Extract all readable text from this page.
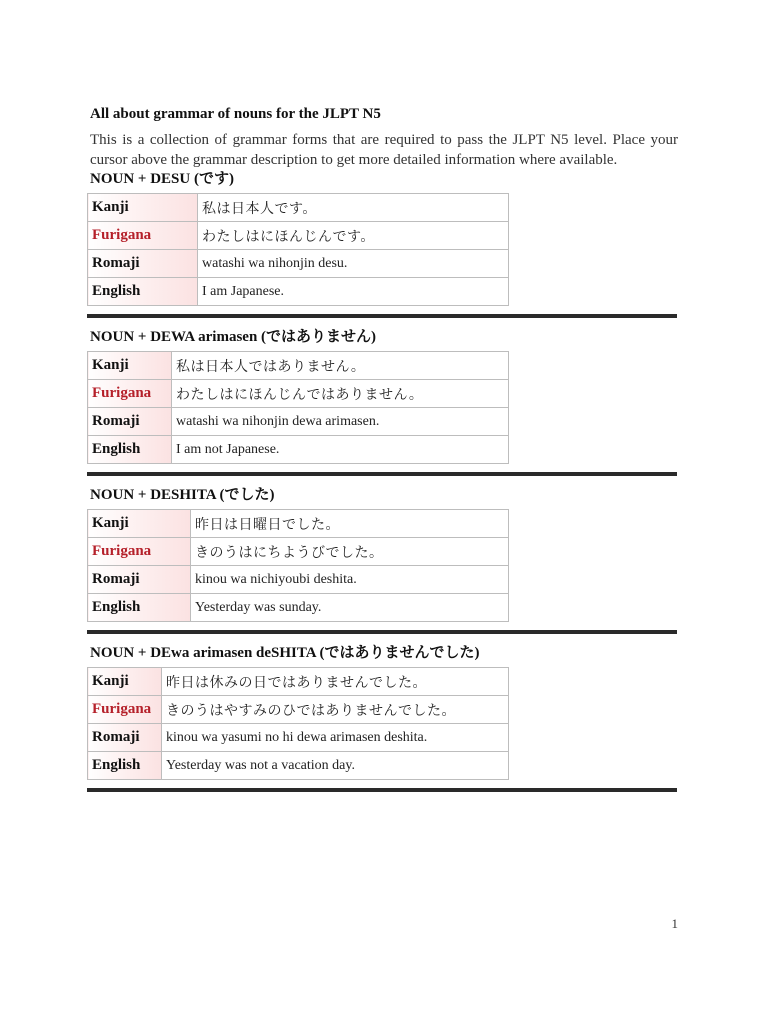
All about grammar of nouns for the JLPT N5

This is a collection of grammar forms that are required to pass the JLPT N5 level. Place your cursor above the grammar description to get more detailed information where available.

NOUN + DESU (です)
Kanji	私は日本人です。
Furigana	わたしはにほんじんです。
Romaji	watashi wa nihonjin desu.
English	I am Japanese.
NOUN + DEWA arimasen (ではありません)
Kanji	私は日本人ではありません。
Furigana	わたしはにほんじんではありません。
Romaji	watashi wa nihonjin dewa arimasen.
English	I am not Japanese.
NOUN + DESHITA (でした)
Kanji	昨日は日曜日でした。
Furigana	きのうはにちようびでした。
Romaji	kinou wa nichiyoubi deshita.
English	Yesterday was sunday.
NOUN + DEwa arimasen deSHITA (ではありませんでした)
Kanji	昨日は休みの日ではありませんでした。
Furigana	きのうはやすみのひではありませんでした。
Romaji	kinou wa yasumi no hi dewa arimasen deshita.
English	Yesterday was not a vacation day.
1
